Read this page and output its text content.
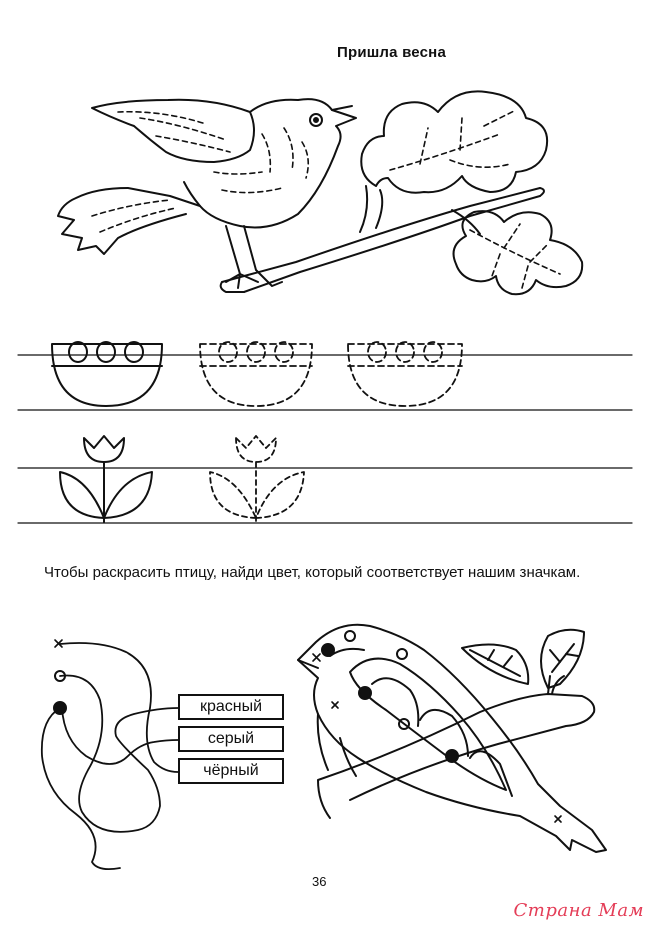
Пришла весна
Чтобы раскрасить птицу, найди цвет, который соответствует нашим значкам.
красный
серый
чёрный
36
Страна Мам
